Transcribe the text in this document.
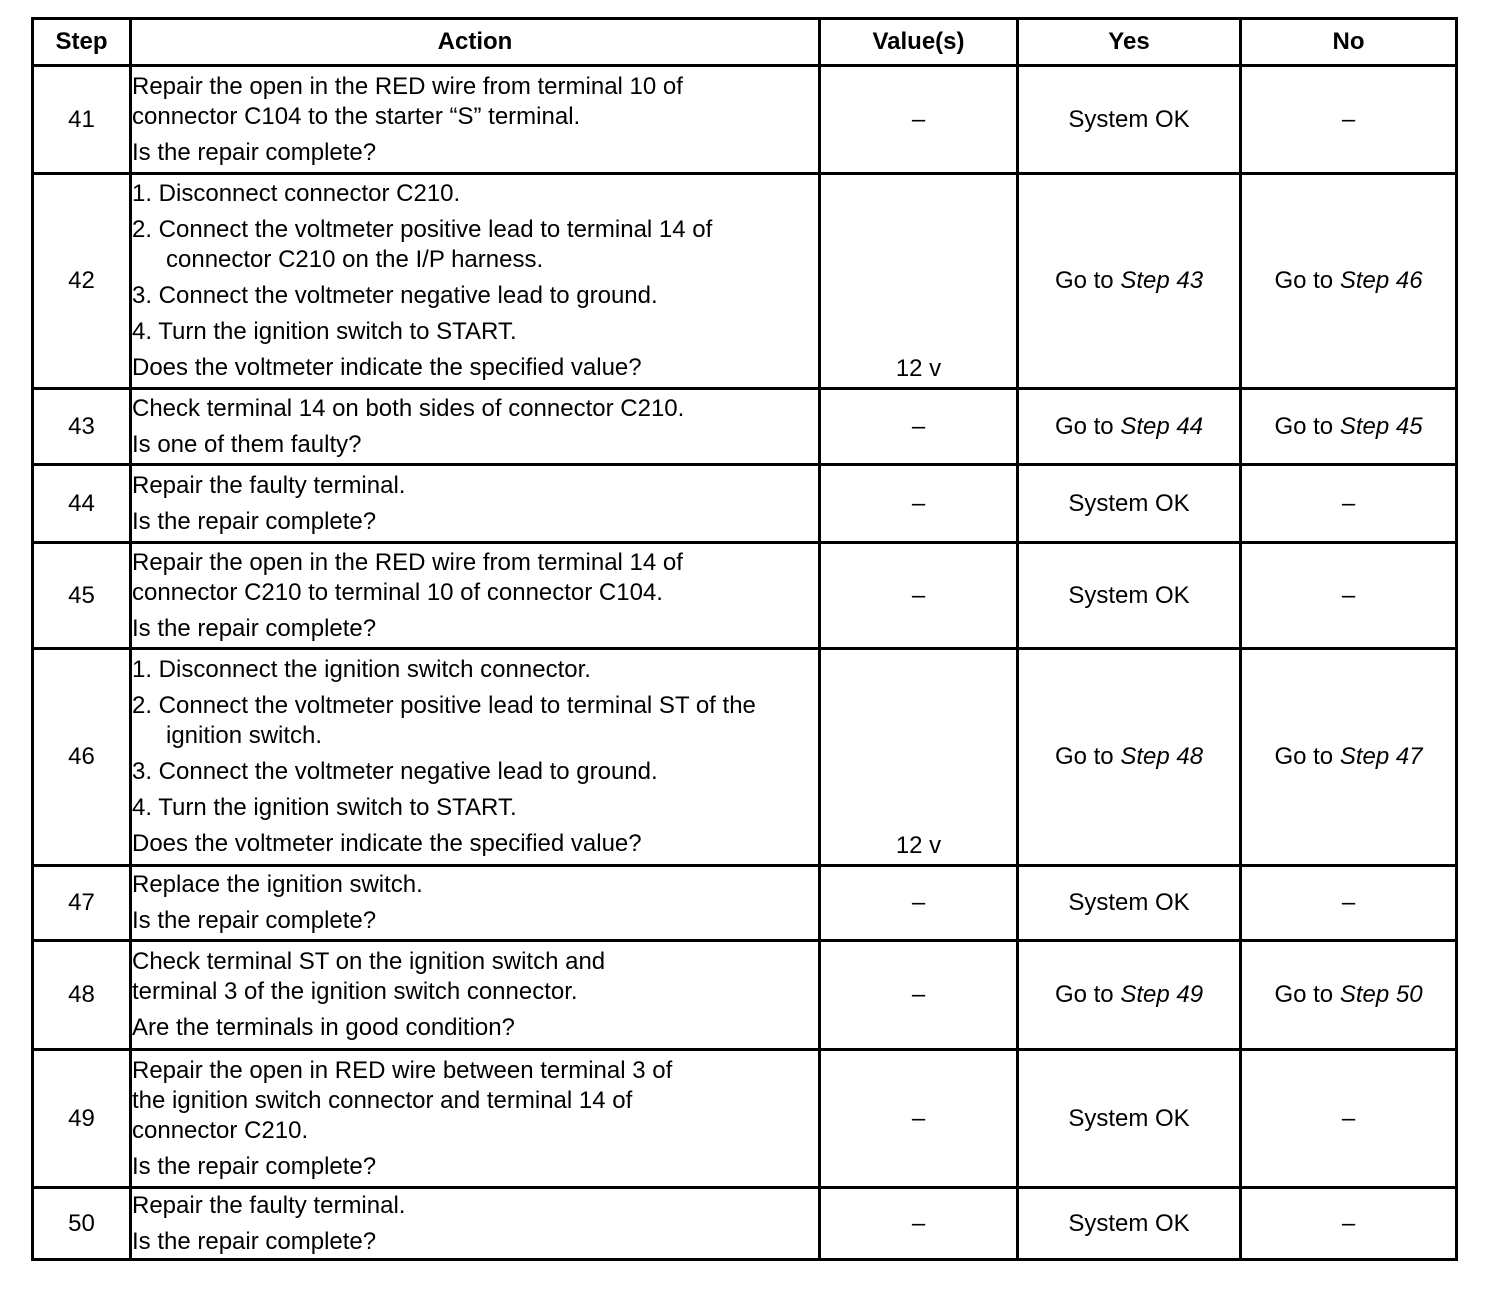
Step	Action	Value(s)	Yes	No
41	Repair the open in the RED wire from terminal 10 of
connector C104 to the starter “S” terminal.
Is the repair complete?	–	System OK	–
42	1. Disconnect connector C210.
2. Connect the voltmeter positive lead to terminal 14 of connector C210 on the I/P harness.
3. Connect the voltmeter negative lead to ground.
4. Turn the ignition switch to START.
Does the voltmeter indicate the specified value?	12 v	Go to Step 43	Go to Step 46
43	Check terminal 14 on both sides of connector C210.
Is one of them faulty?	–	Go to Step 44	Go to Step 45
44	Repair the faulty terminal.
Is the repair complete?	–	System OK	–
45	Repair the open in the RED wire from terminal 14 of
connector C210 to terminal 10 of connector C104.
Is the repair complete?	–	System OK	–
46	1. Disconnect the ignition switch connector.
2. Connect the voltmeter positive lead to terminal ST of the ignition switch.
3. Connect the voltmeter negative lead to ground.
4. Turn the ignition switch to START.
Does the voltmeter indicate the specified value?	12 v	Go to Step 48	Go to Step 47
47	Replace the ignition switch.
Is the repair complete?	–	System OK	–
48	Check terminal ST on the ignition switch and
terminal 3 of the ignition switch connector.
Are the terminals in good condition?	–	Go to Step 49	Go to Step 50
49	Repair the open in RED wire between terminal 3 of
the ignition switch connector and terminal 14 of
connector C210.
Is the repair complete?	–	System OK	–
50	Repair the faulty terminal.
Is the repair complete?	–	System OK	–
